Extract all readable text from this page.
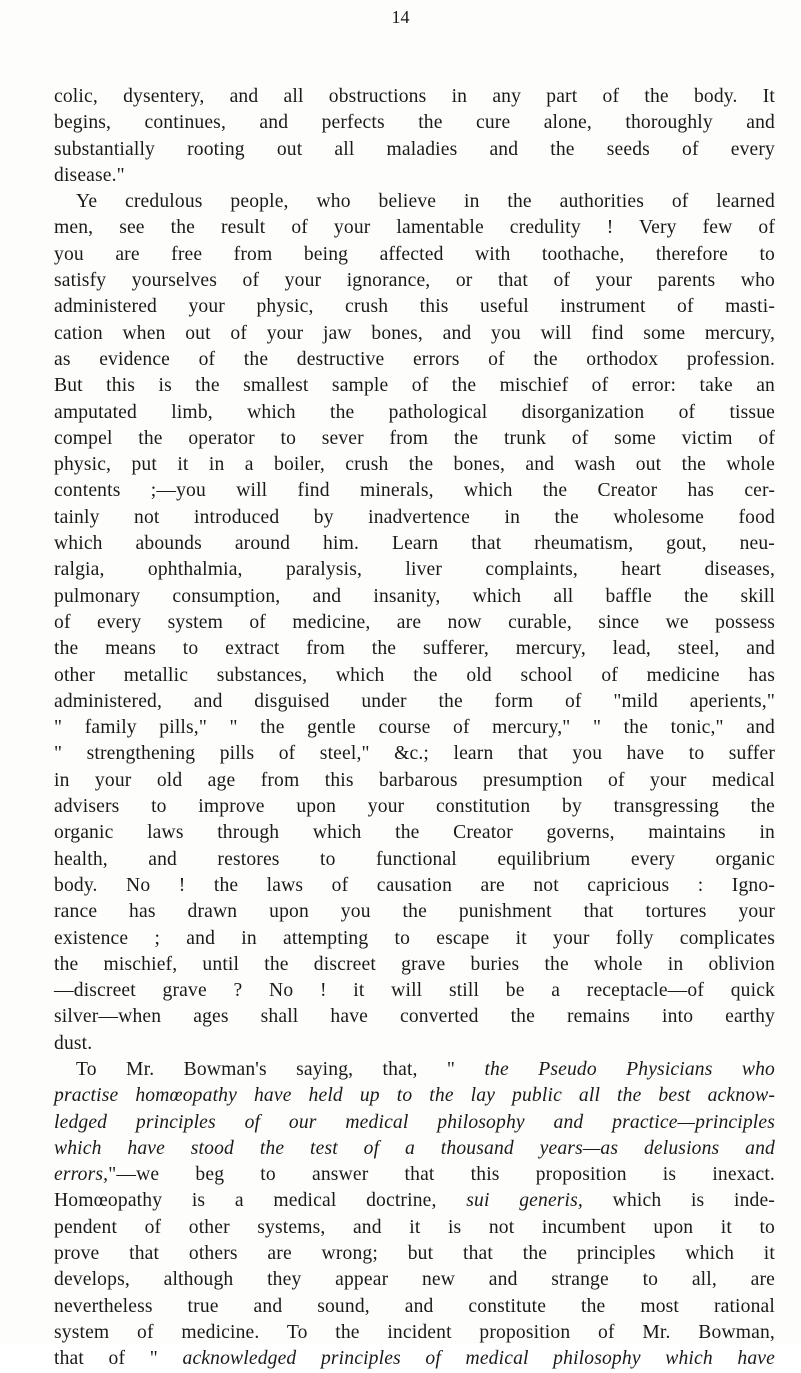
14
colic, dysentery, and all obstructions in any part of the body. It
begins, continues, and perfects the cure alone, thoroughly and
substantially rooting out all maladies and the seeds of every
disease."
Ye credulous people, who believe in the authorities of learned
men, see the result of your lamentable credulity ! Very few of
you are free from being affected with toothache, therefore to
satisfy yourselves of your ignorance, or that of your parents who
administered your physic, crush this useful instrument of masti-
cation when out of your jaw bones, and you will find some mercury,
as evidence of the destructive errors of the orthodox profession.
But this is the smallest sample of the mischief of error: take an
amputated limb, which the pathological disorganization of tissue
compel the operator to sever from the trunk of some victim of
physic, put it in a boiler, crush the bones, and wash out the whole
contents ;—you will find minerals, which the Creator has cer-
tainly not introduced by inadvertence in the wholesome food
which abounds around him. Learn that rheumatism, gout, neu-
ralgia, ophthalmia, paralysis, liver complaints, heart diseases,
pulmonary consumption, and insanity, which all baffle the skill
of every system of medicine, are now curable, since we possess
the means to extract from the sufferer, mercury, lead, steel, and
other metallic substances, which the old school of medicine has
administered, and disguised under the form of "mild aperients,"
" family pills," " the gentle course of mercury," " the tonic," and
" strengthening pills of steel," &c.; learn that you have to suffer
in your old age from this barbarous presumption of your medical
advisers to improve upon your constitution by transgressing the
organic laws through which the Creator governs, maintains in
health, and restores to functional equilibrium every organic
body. No ! the laws of causation are not capricious : Igno-
rance has drawn upon you the punishment that tortures your
existence ; and in attempting to escape it your folly complicates
the mischief, until the discreet grave buries the whole in oblivion
—discreet grave ? No ! it will still be a receptacle—of quick
silver—when ages shall have converted the remains into earthy
dust.
To Mr. Bowman's saying, that, " the Pseudo Physicians who
practise homœopathy have held up to the lay public all the best acknow-
ledged principles of our medical philosophy and practice—principles
which have stood the test of a thousand years—as delusions and
errors,"—we beg to answer that this proposition is inexact.
Homœopathy is a medical doctrine, sui generis, which is inde-
pendent of other systems, and it is not incumbent upon it to
prove that others are wrong; but that the principles which it
develops, although they appear new and strange to all, are
nevertheless true and sound, and constitute the most rational
system of medicine. To the incident proposition of Mr. Bowman,
that of " acknowledged principles of medical philosophy which have
